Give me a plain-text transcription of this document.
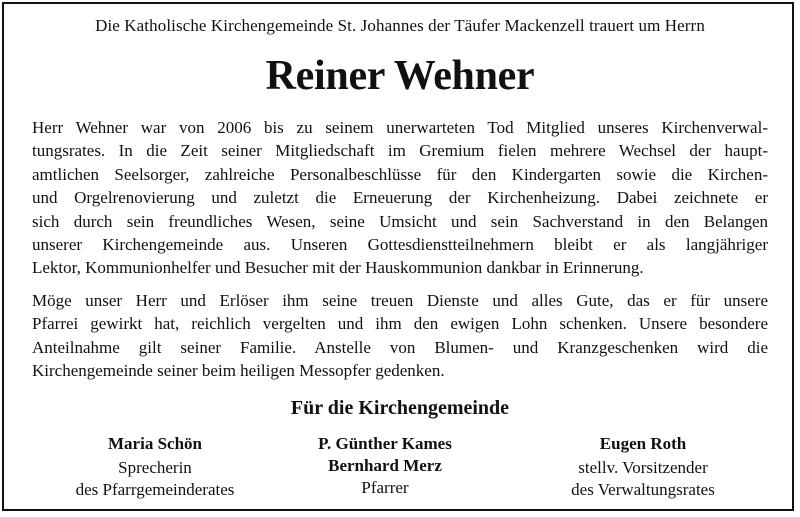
Die Katholische Kirchengemeinde St. Johannes der Täufer Mackenzell trauert um Herrn
Reiner Wehner
Herr Wehner war von 2006 bis zu seinem unerwarteten Tod Mitglied unseres Kirchenverwal-
tungsrates. In die Zeit seiner Mitgliedschaft im Gremium fielen mehrere Wechsel der haupt-
amtlichen Seelsorger, zahlreiche Personalbeschlüsse für den Kindergarten sowie die Kirchen-
und Orgelrenovierung und zuletzt die Erneuerung der Kirchenheizung. Dabei zeichnete er
sich durch sein freundliches Wesen, seine Umsicht und sein Sachverstand in den Belangen
unserer Kirchengemeinde aus. Unseren Gottesdienstteilnehmern bleibt er als langjähriger
Lektor, Kommunionhelfer und Besucher mit der Hauskommunion dankbar in Erinnerung.
Möge unser Herr und Erlöser ihm seine treuen Dienste und alles Gute, das er für unsere
Pfarrei gewirkt hat, reichlich vergelten und ihm den ewigen Lohn schenken. Unsere besondere
Anteilnahme gilt seiner Familie. Anstelle von Blumen- und Kranzgeschenken wird die
Kirchengemeinde seiner beim heiligen Messopfer gedenken.
Für die Kirchengemeinde
Maria Schön
Sprecherin
des Pfarrgemeinderates
P. Günther Kames
Bernhard Merz
Pfarrer
Eugen Roth
stellv. Vorsitzender
des Verwaltungsrates
